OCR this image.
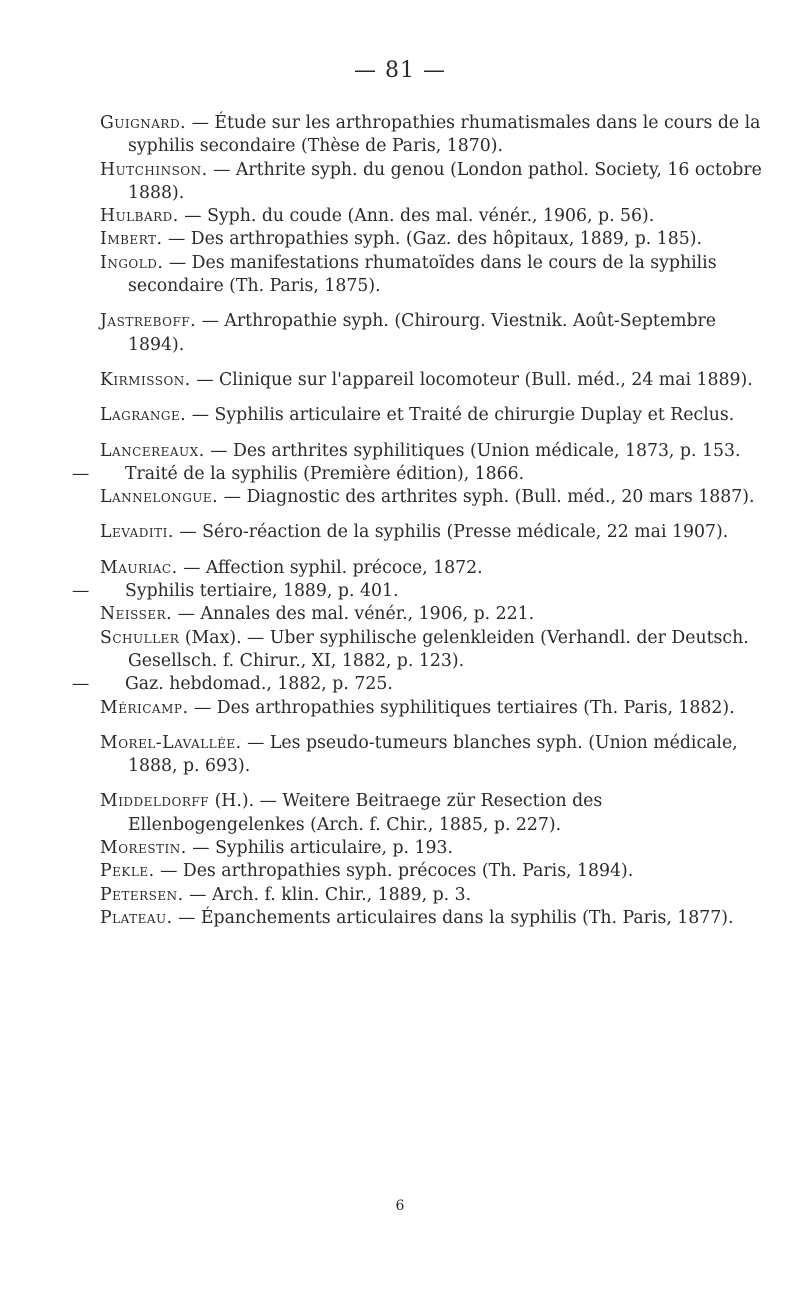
— 81 —
Guignard. — Étude sur les arthropathies rhumatismales dans le cours de la syphilis secondaire (Thèse de Paris, 1870).
Hutchinson. — Arthrite syph. du genou (London pathol. Society, 16 octobre 1888).
Hulbard. — Syph. du coude (Ann. des mal. vénér., 1906, p. 56).
Imbert. — Des arthropathies syph. (Gaz. des hôpitaux, 1889, p. 185).
Ingold. — Des manifestations rhumatoïdes dans le cours de la syphilis secondaire (Th. Paris, 1875).
Jastreboff. — Arthropathie syph. (Chirourg. Viestnik. Août-Septembre 1894).
Kirmisson. — Clinique sur l'appareil locomoteur (Bull. méd., 24 mai 1889).
Lagrange. — Syphilis articulaire et Traité de chirurgie Duplay et Reclus.
Lancereaux. — Des arthrites syphilitiques (Union médicale, 1873, p. 153.
— Traité de la syphilis (Première édition), 1866.
Lannelongue. — Diagnostic des arthrites syph. (Bull. méd., 20 mars 1887).
Levaditi. — Séro-réaction de la syphilis (Presse médicale, 22 mai 1907).
Mauriac. — Affection syphil. précoce, 1872.
— Syphilis tertiaire, 1889, p. 401.
Neisser. — Annales des mal. vénér., 1906, p. 221.
Schuller (Max). — Uber syphilische gelenkleiden (Verhandl. der Deutsch. Gesellsch. f. Chirur., XI, 1882, p. 123).
— Gaz. hebdomad., 1882, p. 725.
Méricamp. — Des arthropathies syphilitiques tertiaires (Th. Paris, 1882).
Morel-Lavallée. — Les pseudo-tumeurs blanches syph. (Union médicale, 1888, p. 693).
Middeldorff (H.). — Weitere Beitraege zür Resection des Ellenbogengelenkes (Arch. f. Chir., 1885, p. 227).
Morestin. — Syphilis articulaire, p. 193.
Pekle. — Des arthropathies syph. précoces (Th. Paris, 1894).
Petersen. — Arch. f. klin. Chir., 1889, p. 3.
Plateau. — Épanchements articulaires dans la syphilis (Th. Paris, 1877).
6
